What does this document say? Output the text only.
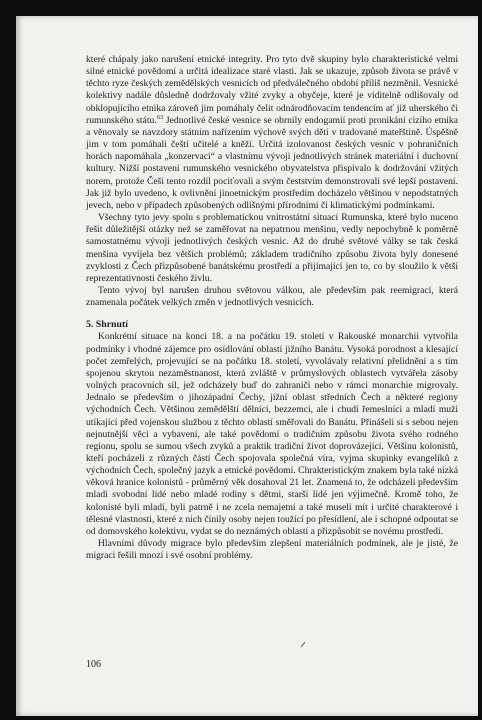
které chápaly jako narušení etnické integrity. Pro tyto dvě skupiny bylo charakteristické velmi silné etnické povědomí a určitá idealizace staré vlasti. Jak se ukazuje, způsob života se právě v těchto ryze českých zemědělských vesnicích od předválečného období příliš nezměnil. Vesnické kolektivy nadále důsledně dodržovaly vžité zvyky a obyčeje, které je viditelně odlišovaly od obklopujícího etnika zároveň jim pomáhaly čelit odnárodňovacím tendencím ať již uherského či rumunského státu.$^{63}$ Jednotlivé české vesnice se obrnily endogamií proti pronikání cizího etnika a věnovaly se navzdory státním nařízením výchově svých dětí v tradované mateřštině. Úspěšně jim v tom pomáhali čeští učitelé a kněží. Určitá izolovanost českých vesnic v pohraničních horách napomáhala „konzervaci“ a vlastnímu vývoji jednotlivých stránek materiální i duchovní kultury. Nižší postavení rumunského vesnického obyvatelstva přispívalo k dodržování vžitých norem, protože Češi tento rozdíl pociťovali a svým čeststvím demonstrovali své lepší postavení. Jak již bylo uvedeno, k ovlivnění jinoetnickým prostředím docházelo většinou v nepodstatných jevech, nebo v případech způsobených odlišnými přírodními či klimatickými podmínkami.

Všechny tyto jevy spolu s problematickou vnitrostátní situací Rumunska, které bylo nuceno řešit důležitější otázky než se zaměřovat na nepatrnou menšinu, vedly nepochybně k poměrně samostatnému vývoji jednotlivých českých vesnic. Až do druhé světové války se tak česká menšina vyvíjela bez větších problémů; základem tradičního způsobu života byly donesené zvyklosti z Čech přizpůsobené banátskému prostředí a přijímající jen to, co by sloužilo k větší reprezentativnosti českého živlu.

Tento vývoj byl narušen druhou světovou válkou, ale především pak reemigrací, která znamenala počátek velkých změn v jednotlivých vesnicích.

5. Shrnutí

Konkrétní situace na konci 18. a na počátku 19. století v Rakouské monarchii vytvořila podmínky i vhodné zájemce pro osídlování oblastí jižního Banátu. Vysoká porodnost a klesající počet zemřelých, projevující se na počátku 18. století, vyvolávaly relativní přelidnění a s tím spojenou skrytou nezaměstnanost, která zvláště v průmyslových oblastech vytvářela zásoby volných pracovních sil, jež odcházely buď do zahraničí nebo v rámci monarchie migrovaly. Jednalo se především o jihozápadní Čechy, jižní oblast středních Čech a některé regiony východních Čech. Většinou zemědělští dělníci, bezzemci, ale i chudí řemeslníci a mladí muži utíkající před vojenskou službou z těchto oblastí směřovali do Banátu. Přinášeli si s sebou nejen nejnutnější věci a vybavení, ale také povědomí o tradičním způsobu života svého rodného regionu, spolu se sumou všech zvyků a praktik tradiční život doprovázející. Většinu kolonistů, kteří pocházeli z různých částí Čech spojovala společná víra, vyjma skupinky evangelíků z východních Čech, společný jazyk a etnické povědomí. Chrakteristickým znakem byla také nízká věková hranice kolonistů - průměrný věk dosahoval 21 let. Znamená to, že odcházeli především mladí svobodní lidé nebo mladé rodiny s dětmi, starší lidé jen výjimečně. Kromě toho, že kolonisté byli mladí, byli patrně i ne zcela nemajetní a také museli mít i určité charakterové i tělesné vlastnosti, které z nich činily osoby nejen toužící po přesídlení, ale i schopné odpoutat se od domovského kolektivu, vydat se do neznámých oblastí a přizpůsobit se novému prostředí.

Hlavními důvody migrace bylo především zlepšení materiálních podmínek, ale je jisté, že migraci řešili mnozí i své osobní problémy.

106
